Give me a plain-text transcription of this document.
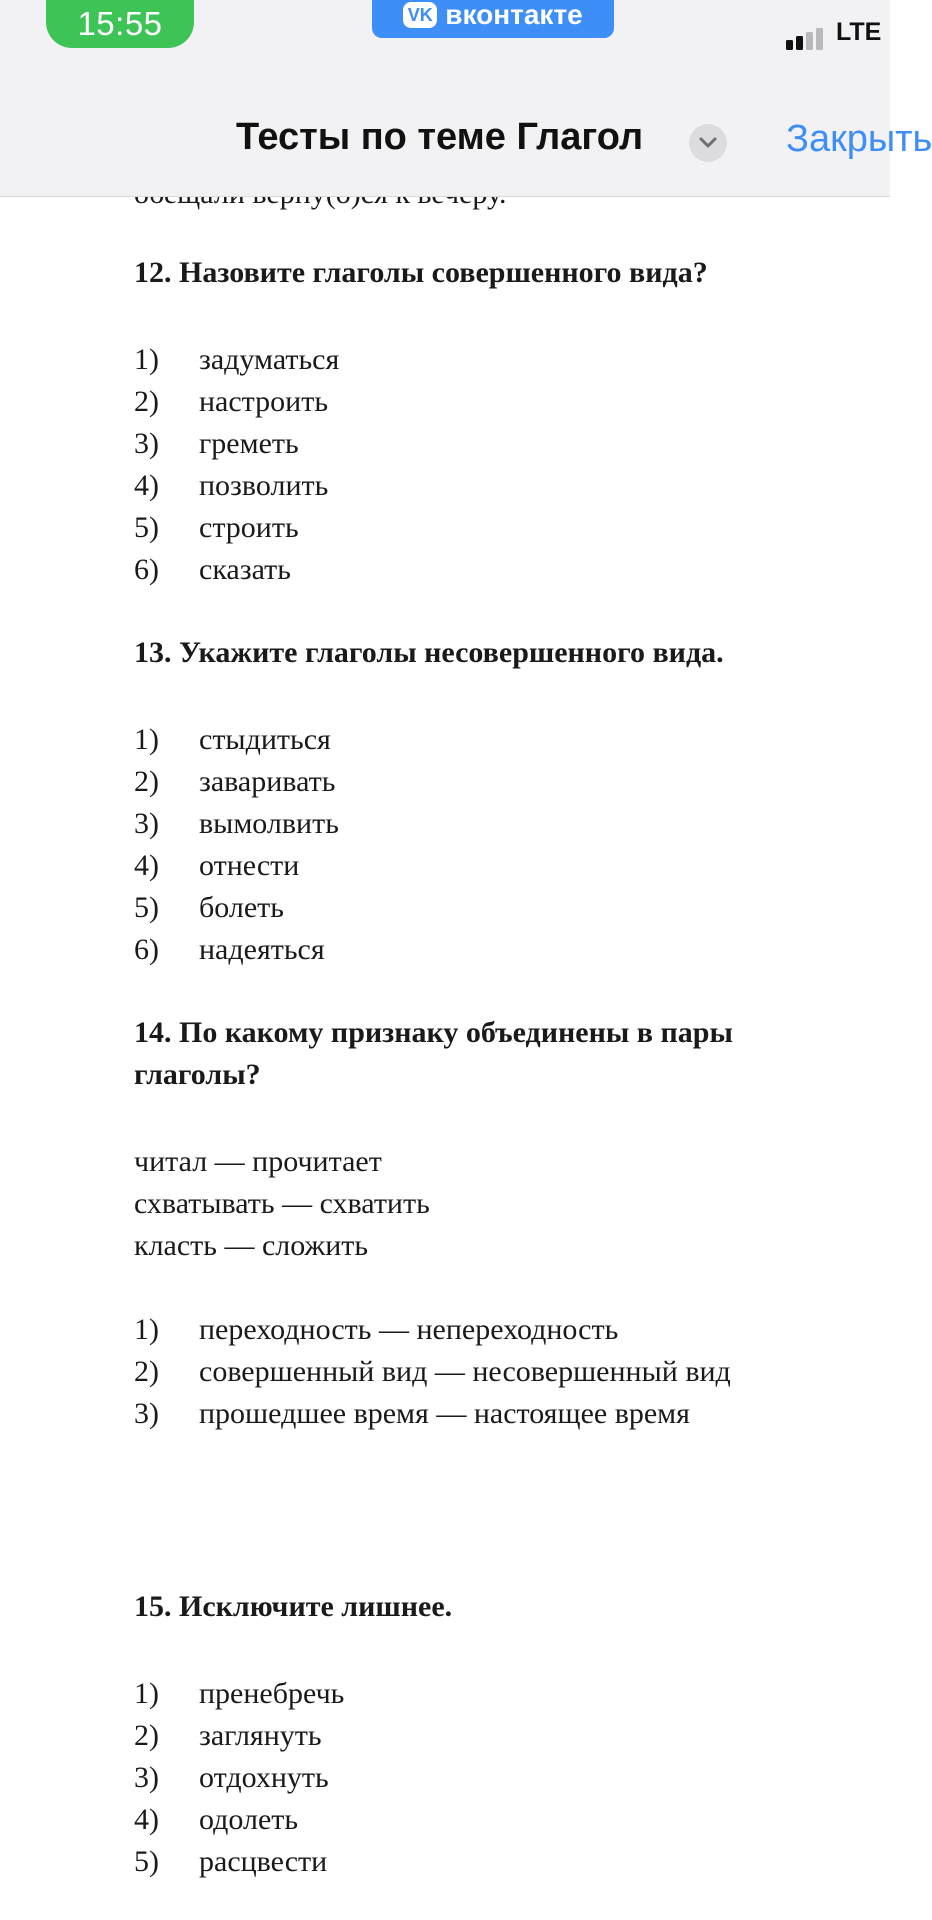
12. Назовите глаголы совершенного вида?
1) задуматься
2) настроить
3) греметь
4) позволить
5) строить
6) сказать
13. Укажите глаголы несовершенного вида.
1) стыдиться
2) заваривать
3) вымолвить
4) отнести
5) болеть
6) надеяться
14. По какому признаку объединены в пары глаголы?
читал — прочитает
схватывать — схватить
класть — сложить
1) переходность — непереходность
2) совершенный вид — несовершенный вид
3) прошедшее время — настоящее время
15. Исключите лишнее.
1) пренебречь
2) заглянуть
3) отдохнуть
4) одолеть
5) расцвести
15:55	VK вконтакте
LTE
Тесты по теме Глагол	Закрыть
